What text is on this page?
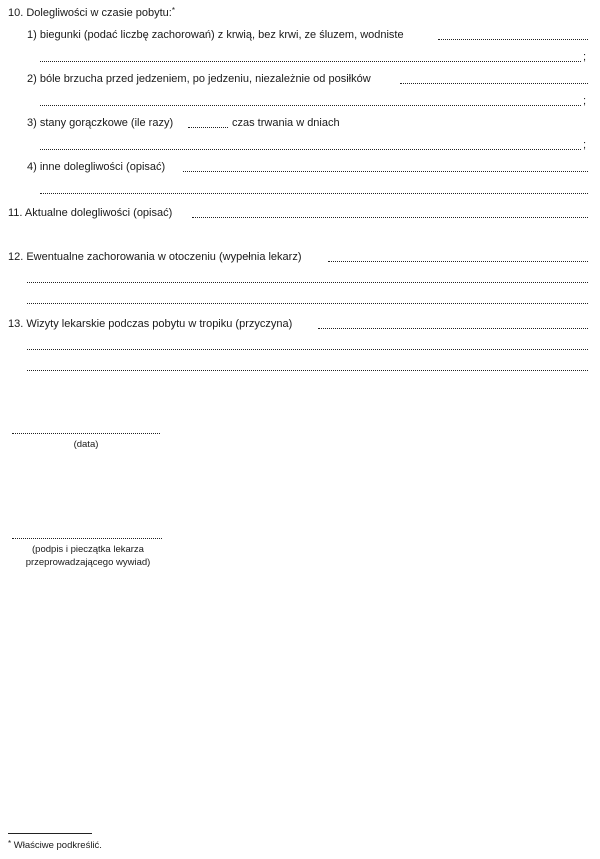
10. Dolegliwości w czasie pobytu:*
1) biegunki (podać liczbę zachorowań) z krwią, bez krwi, ze śluzem, wodniste
;
2) bóle brzucha przed jedzeniem, po jedzeniu, niezależnie od posiłków
;
3) stany gorączkowe (ile razy)	czas trwania w dniach
;
4) inne dolegliwości (opisać)
11. Aktualne dolegliwości (opisać)
12. Ewentualne zachorowania w otoczeniu (wypełnia lekarz)
13. Wizyty lekarskie podczas pobytu w tropiku (przyczyna)
(data)
(podpis i pieczątka lekarza
przeprowadzającego wywiad)
* Właściwe podkreślić.
